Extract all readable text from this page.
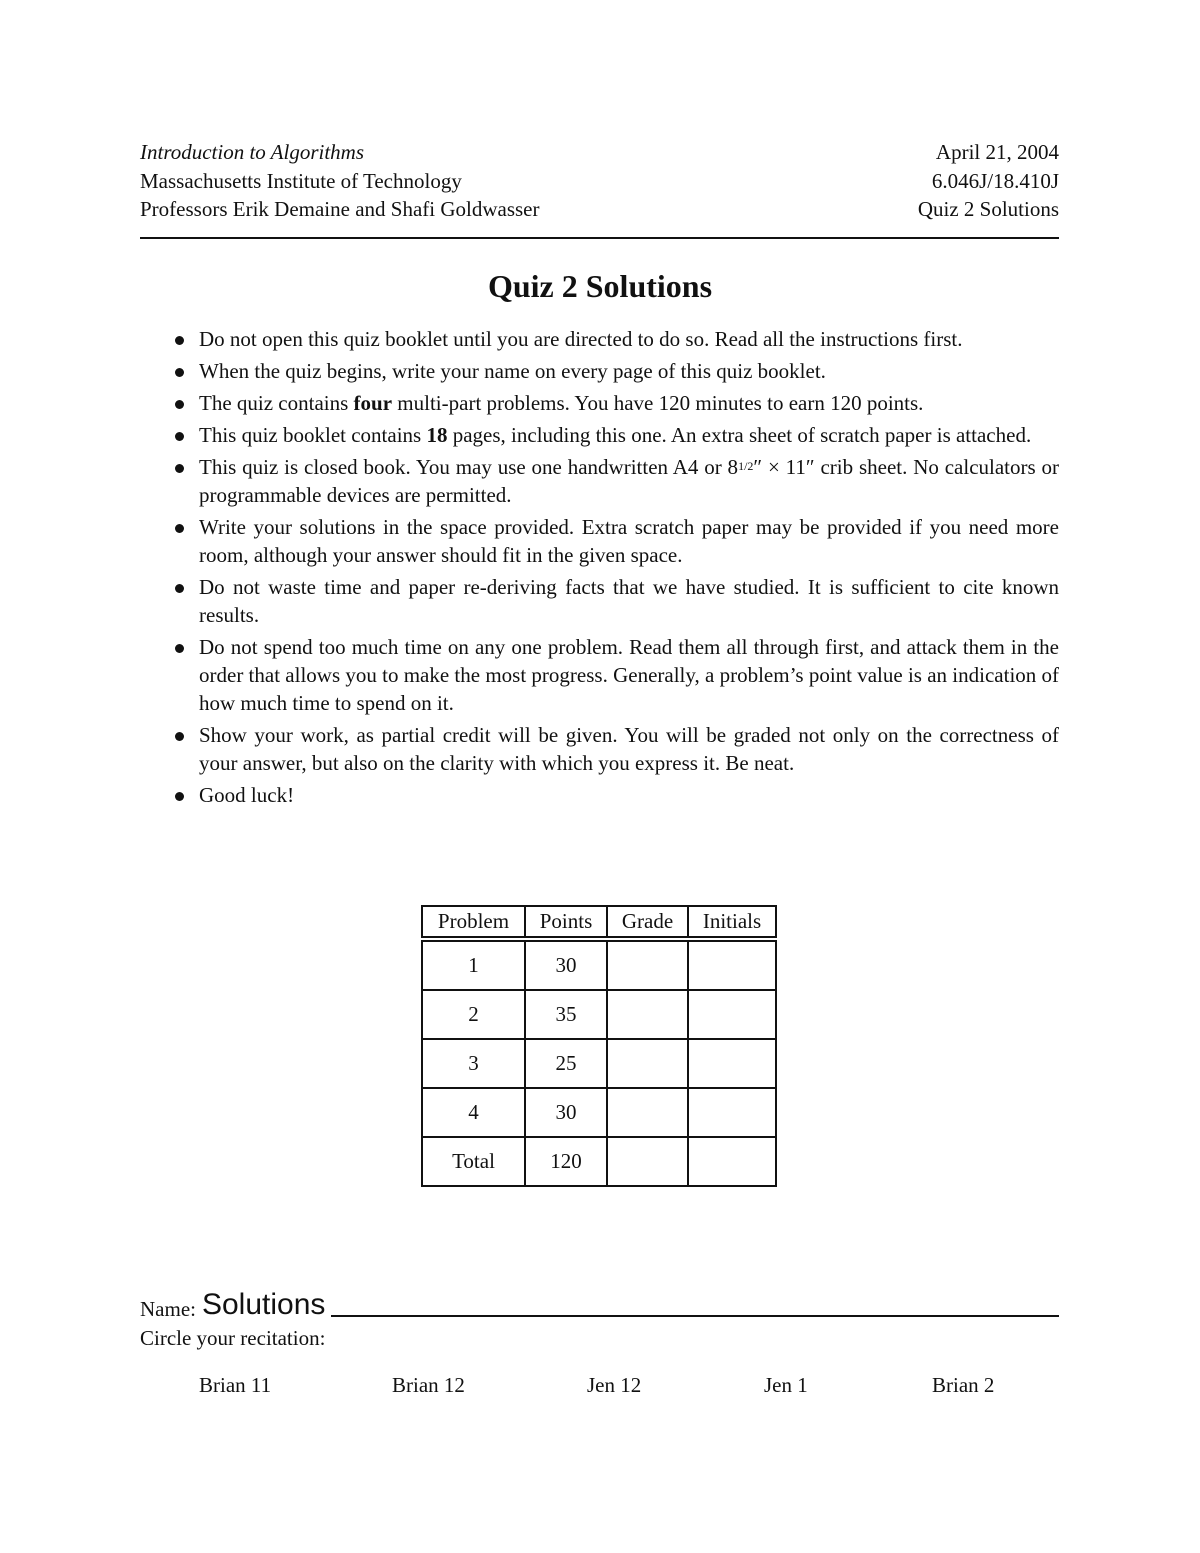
Introduction to Algorithms	April 21, 2004
Massachusetts Institute of Technology	6.046J/18.410J
Professors Erik Demaine and Shafi Goldwasser	Quiz 2 Solutions
Quiz 2 Solutions
Do not open this quiz booklet until you are directed to do so. Read all the instructions first.
When the quiz begins, write your name on every page of this quiz booklet.
The quiz contains four multi-part problems. You have 120 minutes to earn 120 points.
This quiz booklet contains 18 pages, including this one. An extra sheet of scratch paper is attached.
This quiz is closed book. You may use one handwritten A4 or 81/2″ × 11″ crib sheet. No calculators or programmable devices are permitted.
Write your solutions in the space provided. Extra scratch paper may be provided if you need more room, although your answer should fit in the given space.
Do not waste time and paper re-deriving facts that we have studied. It is sufficient to cite known results.
Do not spend too much time on any one problem. Read them all through first, and attack them in the order that allows you to make the most progress. Generally, a problem’s point value is an indication of how much time to spend on it.
Show your work, as partial credit will be given. You will be graded not only on the correctness of your answer, but also on the clarity with which you express it. Be neat.
Good luck!
Problem	Points	Grade	Initials
1	30		
2	35		
3	25		
4	30		
Total	120		
Name: Solutions
Circle your recitation:
Brian 11	Brian 12	Jen 12	Jen 1	Brian 2
